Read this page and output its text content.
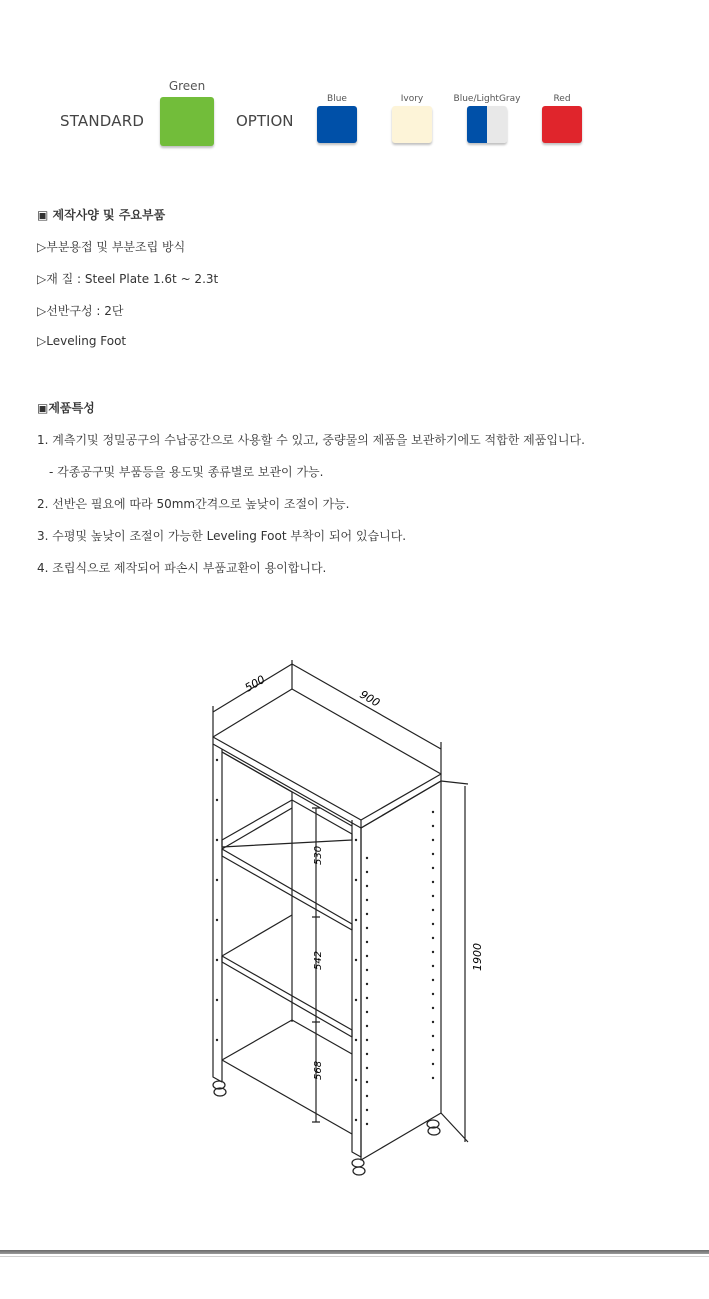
STANDARD
Green
OPTION
Blue	Ivory	Blue/LightGray	Red
▣ 제작사양 및 주요부품
▷부분용접 및 부분조립 방식
▷재 질 : Steel Plate 1.6t ~ 2.3t
▷선반구성 : 2단
▷Leveling Foot
▣제품특성
1. 계측기및 정밀공구의 수납공간으로 사용할 수 있고, 중량물의 제품을 보관하기에도 적합한 제품입니다.
- 각종공구및 부품등을 용도및 종류별로 보관이 가능.
2. 선반은 필요에 따라 50mm간격으로 높낮이 조절이 가능.
3. 수평및 높낮이 조절이 가능한 Leveling Foot 부착이 되어 있습니다.
4. 조립식으로 제작되어 파손시 부품교환이 용이합니다.
500
900
1900
530
542
568
